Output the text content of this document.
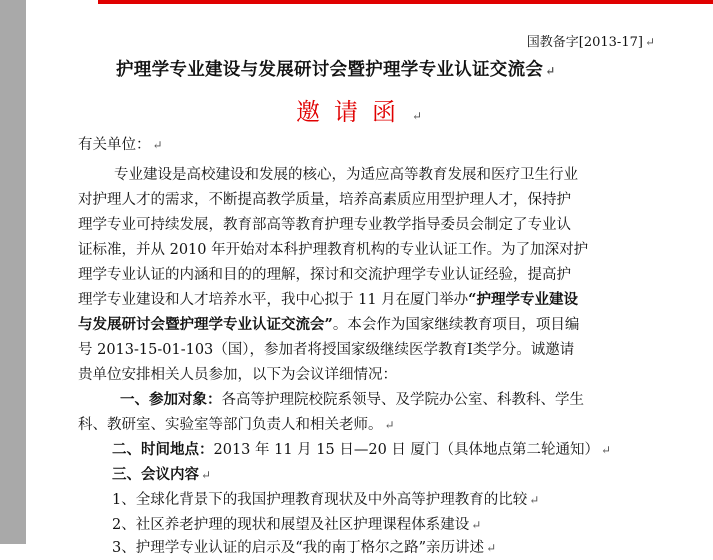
国教备字[2013-17] ↵
护理学专业建设与发展研讨会暨护理学专业认证交流会 ↵
邀请函 ↵
有关单位： ↵
专业建设是高校建设和发展的核心，为适应高等教育发展和医疗卫生行业
对护理人才的需求，不断提高教学质量，培养高素质应用型护理人才，保持护
理学专业可持续发展，教育部高等教育护理专业教学指导委员会制定了专业认
证标准，并从 2010 年开始对本科护理教育机构的专业认证工作。为了加深对护
理学专业认证的内涵和目的的理解，探讨和交流护理学专业认证经验，提高护
理学专业建设和人才培养水平，我中心拟于 11 月在厦门举办“护理学专业建设
与发展研讨会暨护理学专业认证交流会”。本会作为国家继续教育项目，项目编
号 2013-15-01-103（国），参加者将授国家级继续医学教育Ⅰ类学分。诚邀请
贵单位安排相关人员参加，以下为会议详细情况：
一、参加对象：各高等护理院校院系领导、及学院办公室、科教科、学生
科、教研室、实验室等部门负责人和相关老师。 ↵
二、时间地点：2013 年 11 月 15 日—20 日 厦门（具体地点第二轮通知） ↵
三、会议内容 ↵
1、全球化背景下的我国护理教育现状及中外高等护理教育的比较 ↵
2、社区养老护理的现状和展望及社区护理课程体系建设 ↵
3、护理学专业认证的启示及“我的南丁格尔之路”亲历讲述 ↵
